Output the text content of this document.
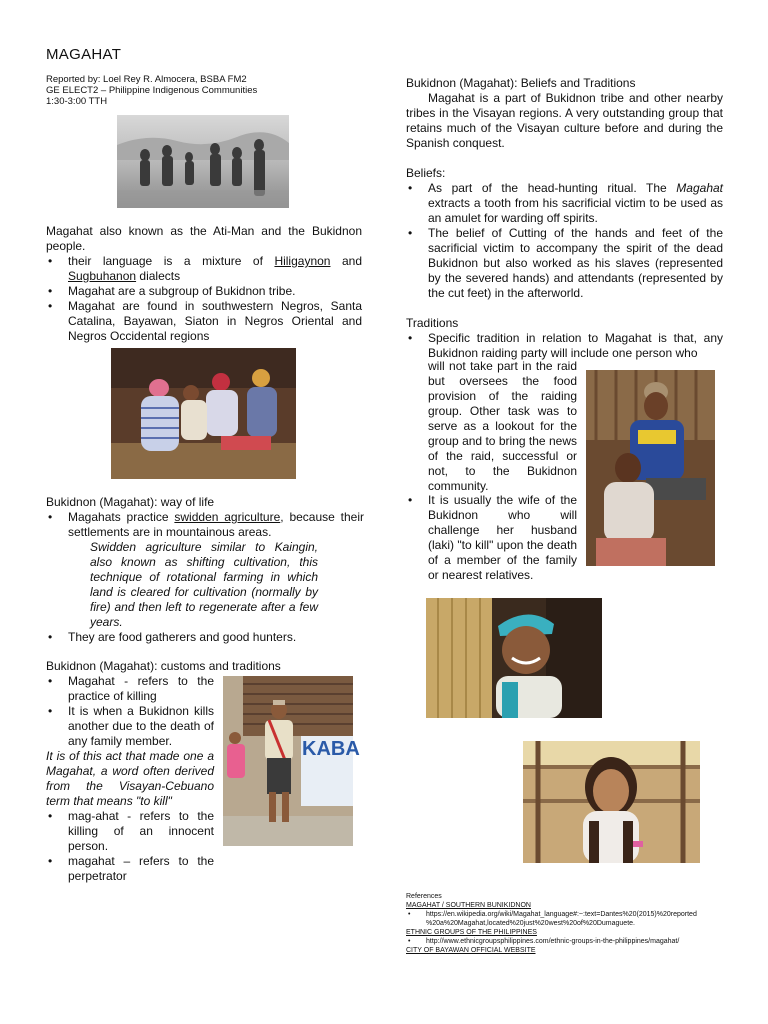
MAGAHAT
Reported by: Loel Rey R. Almocera, BSBA FM2
GE ELECT2 – Philippine Indigenous Communities
1:30-3:00 TTH
Magahat also known as the Ati-Man and the Bukidnon people.
• their language is a mixture of Hiligaynon and Sugbuhanon dialects
• Magahat are a subgroup of Bukidnon tribe.
• Magahat are found in southwestern Negros, Santa Catalina, Bayawan, Siaton in Negros Oriental and Negros Occidental regions
Bukidnon (Magahat): way of life
• Magahats practice swidden agriculture, because their settlements are in mountainous areas.
Swidden agriculture similar to Kaingin, also known as shifting cultivation, this technique of rotational farming in which land is cleared for cultivation (normally by fire) and then left to regenerate after a few years.
• They are food gatherers and good hunters.
Bukidnon (Magahat): customs and traditions
• Magahat - refers to the practice of killing
• It is when a Bukidnon kills another due to the death of any family member.
It is of this act that made one a Magahat, a word often derived from the Visayan-Cebuano term that means "to kill"
• mag-ahat - refers to the killing of an innocent person.
• magahat – refers to the perpetrator
KABA
Bukidnon (Magahat): Beliefs and Traditions
Magahat is a part of Bukidnon tribe and other nearby tribes in the Visayan regions. A very outstanding group that retains much of the Visayan culture before and during the Spanish conquest.
Beliefs:
• As part of the head-hunting ritual. The Magahat extracts a tooth from his sacrificial victim to be used as an amulet for warding off spirits.
• The belief of Cutting of the hands and feet of the sacrificial victim to accompany the spirit of the dead Bukidnon but also worked as his slaves (represented by the severed hands) and attendants (represented by the cut feet) in the afterworld.
Traditions
• Specific tradition in relation to Magahat is that, any Bukidnon raiding party will include one person who
will not take part in the raid but oversees the food provision of the raiding group. Other task was to serve as a lookout for the group and to bring the news of the raid, successful or not, to the Bukidnon community.
• It is usually the wife of the Bukidnon who will challenge her husband (laki) "to kill" upon the death of a member of the family or nearest relatives.
References
MAGAHAT / SOUTHERN BUNIKIDNON
• https://en.wikipedia.org/wiki/Magahat_language#:~:text=Dantes%20(2015)%20reported %20a%20Magahat,located%20just%20west%20of%20Dumaguete.
ETHNIC GROUPS OF THE PHILIPPINES
• http://www.ethnicgroupsphilippines.com/ethnic-groups-in-the-philippines/magahat/
CITY OF BAYAWAN OFFICIAL WEBSITE
